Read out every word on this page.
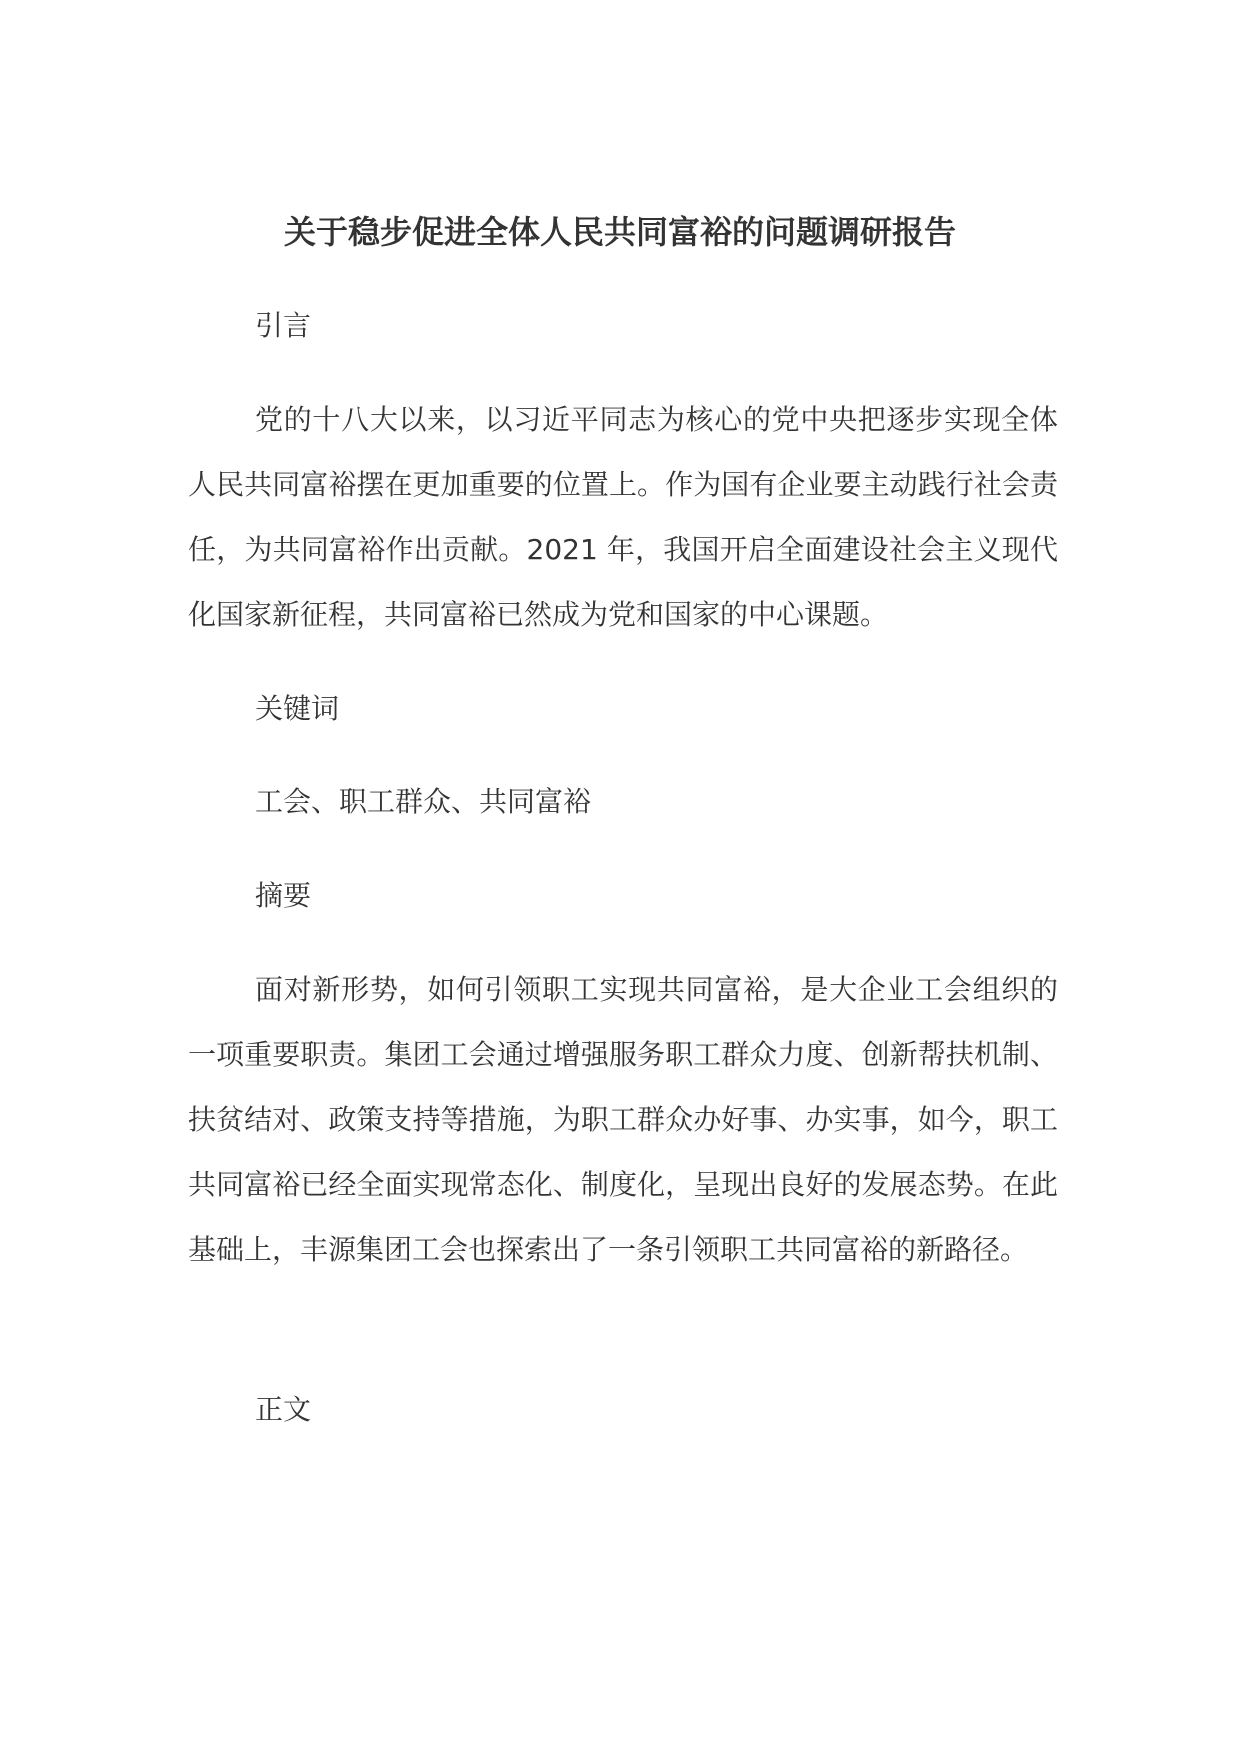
关于稳步促进全体人民共同富裕的问题调研报告
引言
党的十八大以来，以习近平同志为核心的党中央把逐步实现全体人民共同富裕摆在更加重要的位置上。作为国有企业要主动践行社会责任，为共同富裕作出贡献。2021 年，我国开启全面建设社会主义现代化国家新征程，共同富裕已然成为党和国家的中心课题。
关键词
工会、职工群众、共同富裕
摘要
面对新形势，如何引领职工实现共同富裕，是大企业工会组织的一项重要职责。集团工会通过增强服务职工群众力度、创新帮扶机制、扶贫结对、政策支持等措施，为职工群众办好事、办实事，如今，职工共同富裕已经全面实现常态化、制度化，呈现出良好的发展态势。在此基础上，丰源集团工会也探索出了一条引领职工共同富裕的新路径。
正文
